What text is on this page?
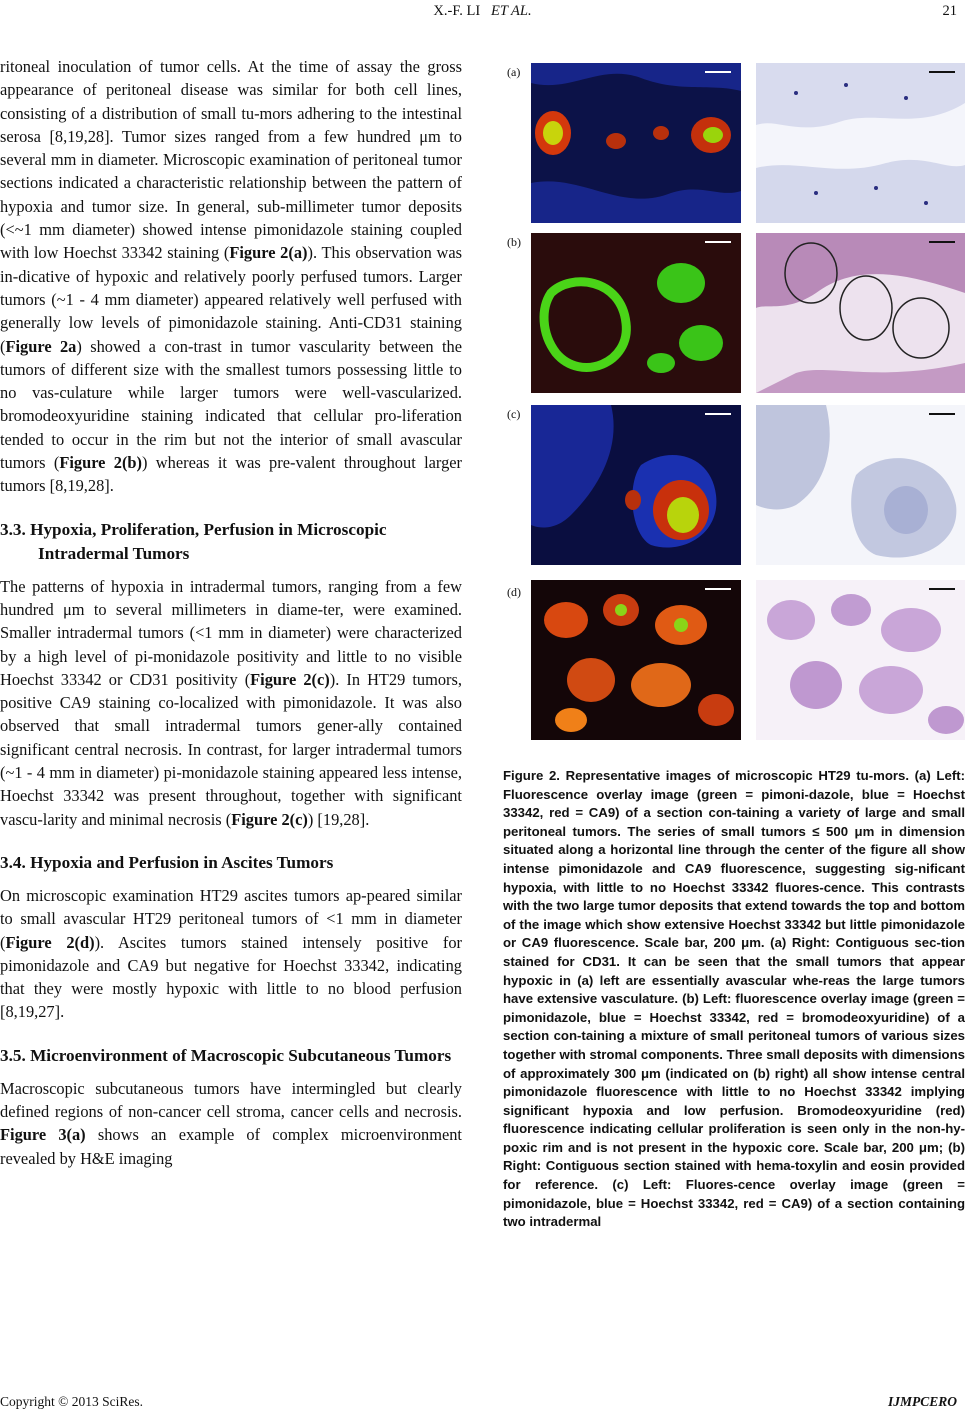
X.-F. LI ET AL.	21

ritoneal inoculation of tumor cells. At the time of assay the gross appearance of peritoneal disease was similar for both cell lines, consisting of a distribution of small tu-mors adhering to the intestinal serosa [8,19,28]. Tumor sizes ranged from a few hundred μm to several mm in diameter. Microscopic examination of peritoneal tumor sections indicated a characteristic relationship between the pattern of hypoxia and tumor size. In general, sub-millimeter tumor deposits (<~1 mm diameter) showed intense pimonidazole staining coupled with low Hoechst 33342 staining (Figure 2(a)). This observation was in-dicative of hypoxic and relatively poorly perfused tumors. Larger tumors (~1 - 4 mm diameter) appeared relatively well perfused with generally low levels of pimonidazole staining. Anti-CD31 staining (Figure 2a) showed a con-trast in tumor vascularity between the tumors of different size with the smallest tumors possessing little to no vas-culature while larger tumors were well-vascularized. bromodeoxyuridine staining indicated that cellular pro-liferation tended to occur in the rim but not the interior of small avascular tumors (Figure 2(b)) whereas it was pre-valent throughout larger tumors [8,19,28].

3.3. Hypoxia, Proliferation, Perfusion in Microscopic Intradermal Tumors

The patterns of hypoxia in intradermal tumors, ranging from a few hundred μm to several millimeters in diame-ter, were examined. Smaller intradermal tumors (<1 mm in diameter) were characterized by a high level of pi-monidazole positivity and little to no visible Hoechst 33342 or CD31 positivity (Figure 2(c)). In HT29 tumors, positive CA9 staining co-localized with pimonidazole. It was also observed that small intradermal tumors gener-ally contained significant central necrosis. In contrast, for larger intradermal tumors (~1 - 4 mm in diameter) pi-monidazole staining appeared less intense, Hoechst 33342 was present throughout, together with significant vascu-larity and minimal necrosis (Figure 2(c)) [19,28].

3.4. Hypoxia and Perfusion in Ascites Tumors

On microscopic examination HT29 ascites tumors ap-peared similar to small avascular HT29 peritoneal tumors of <1 mm in diameter (Figure 2(d)). Ascites tumors stained intensely positive for pimonidazole and CA9 but negative for Hoechst 33342, indicating that they were mostly hypoxic with little to no blood perfusion [8,19,27].

3.5. Microenvironment of Macroscopic Subcutaneous Tumors

Macroscopic subcutaneous tumors have intermingled but clearly defined regions of non-cancer cell stroma, cancer cells and necrosis. Figure 3(a) shows an example of complex microenvironment revealed by H&E imaging

(a)
(b)
(c)
(d)

Figure 2. Representative images of microscopic HT29 tu-mors. (a) Left: Fluorescence overlay image (green = pimoni-dazole, blue = Hoechst 33342, red = CA9) of a section con-taining a variety of large and small peritoneal tumors. The series of small tumors ≤ 500 μm in dimension situated along a horizontal line through the center of the figure all show intense pimonidazole and CA9 fluorescence, suggesting sig-nificant hypoxia, with little to no Hoechst 33342 fluores-cence. This contrasts with the two large tumor deposits that extend towards the top and bottom of the image which show extensive Hoechst 33342 but little pimonidazole or CA9 fluorescence. Scale bar, 200 μm. (a) Right: Contiguous sec-tion stained for CD31. It can be seen that the small tumors that appear hypoxic in (a) left are essentially avascular whe-reas the large tumors have extensive vasculature. (b) Left: fluorescence overlay image (green = pimonidazole, blue = Hoechst 33342, red = bromodeoxyuridine) of a section con-taining a mixture of small peritoneal tumors of various sizes together with stromal components. Three small deposits with dimensions of approximately 300 μm (indicated on (b) right) all show intense central pimonidazole fluorescence with little to no Hoechst 33342 implying significant hypoxia and low perfusion. Bromodeoxyuridine (red) fluorescence indicating cellular proliferation is seen only in the non-hy-poxic rim and is not present in the hypoxic core. Scale bar, 200 μm; (b) Right: Contiguous section stained with hema-toxylin and eosin provided for reference. (c) Left: Fluores-cence overlay image (green = pimonidazole, blue = Hoechst 33342, red = CA9) of a section containing two intradermal

Copyright © 2013 SciRes.	IJMPCERO
